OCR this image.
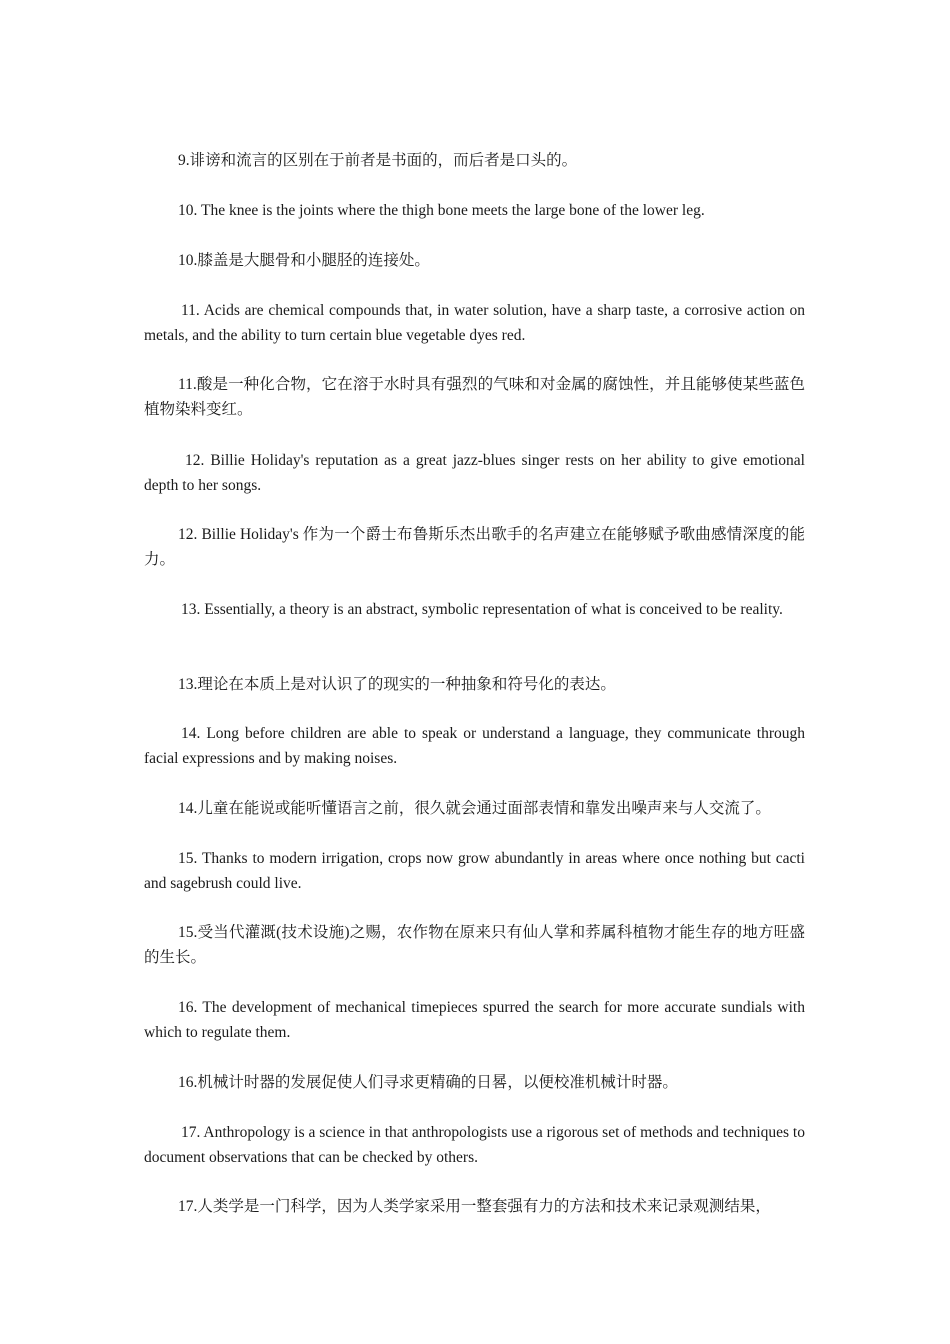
9.诽谤和流言的区别在于前者是书面的，而后者是口头的。

10. The knee is the joints where the thigh bone meets the large bone of the lower leg.

10.膝盖是大腿骨和小腿胫的连接处。

11. Acids are chemical compounds that, in water solution, have a sharp taste, a corrosive action on metals, and the ability to turn certain blue vegetable dyes red.

11.酸是一种化合物，它在溶于水时具有强烈的气味和对金属的腐蚀性，并且能够使某些蓝色植物染料变红。

12. Billie Holiday's reputation as a great jazz-blues singer rests on her ability to give emotional depth to her songs.

12. Billie Holiday's 作为一个爵士布鲁斯乐杰出歌手的名声建立在能够赋予歌曲感情深度的能力。

13. Essentially, a theory is an abstract, symbolic representation of what is conceived to be reality.

13.理论在本质上是对认识了的现实的一种抽象和符号化的表达。

14. Long before children are able to speak or understand a language, they communicate through facial expressions and by making noises.

14.儿童在能说或能听懂语言之前，很久就会通过面部表情和靠发出噪声来与人交流了。

15. Thanks to modern irrigation, crops now grow abundantly in areas where once nothing but cacti and sagebrush could live.

15.受当代灌溉(技术设施)之赐，农作物在原来只有仙人掌和荞属科植物才能生存的地方旺盛的生长。

16. The development of mechanical timepieces spurred the search for more accurate sundials with which to regulate them.

16.机械计时器的发展促使人们寻求更精确的日晷，以便校准机械计时器。

17. Anthropology is a science in that anthropologists use a rigorous set of methods and techniques to document observations that can be checked by others.

17.人类学是一门科学，因为人类学家采用一整套强有力的方法和技术来记录观测结果，
